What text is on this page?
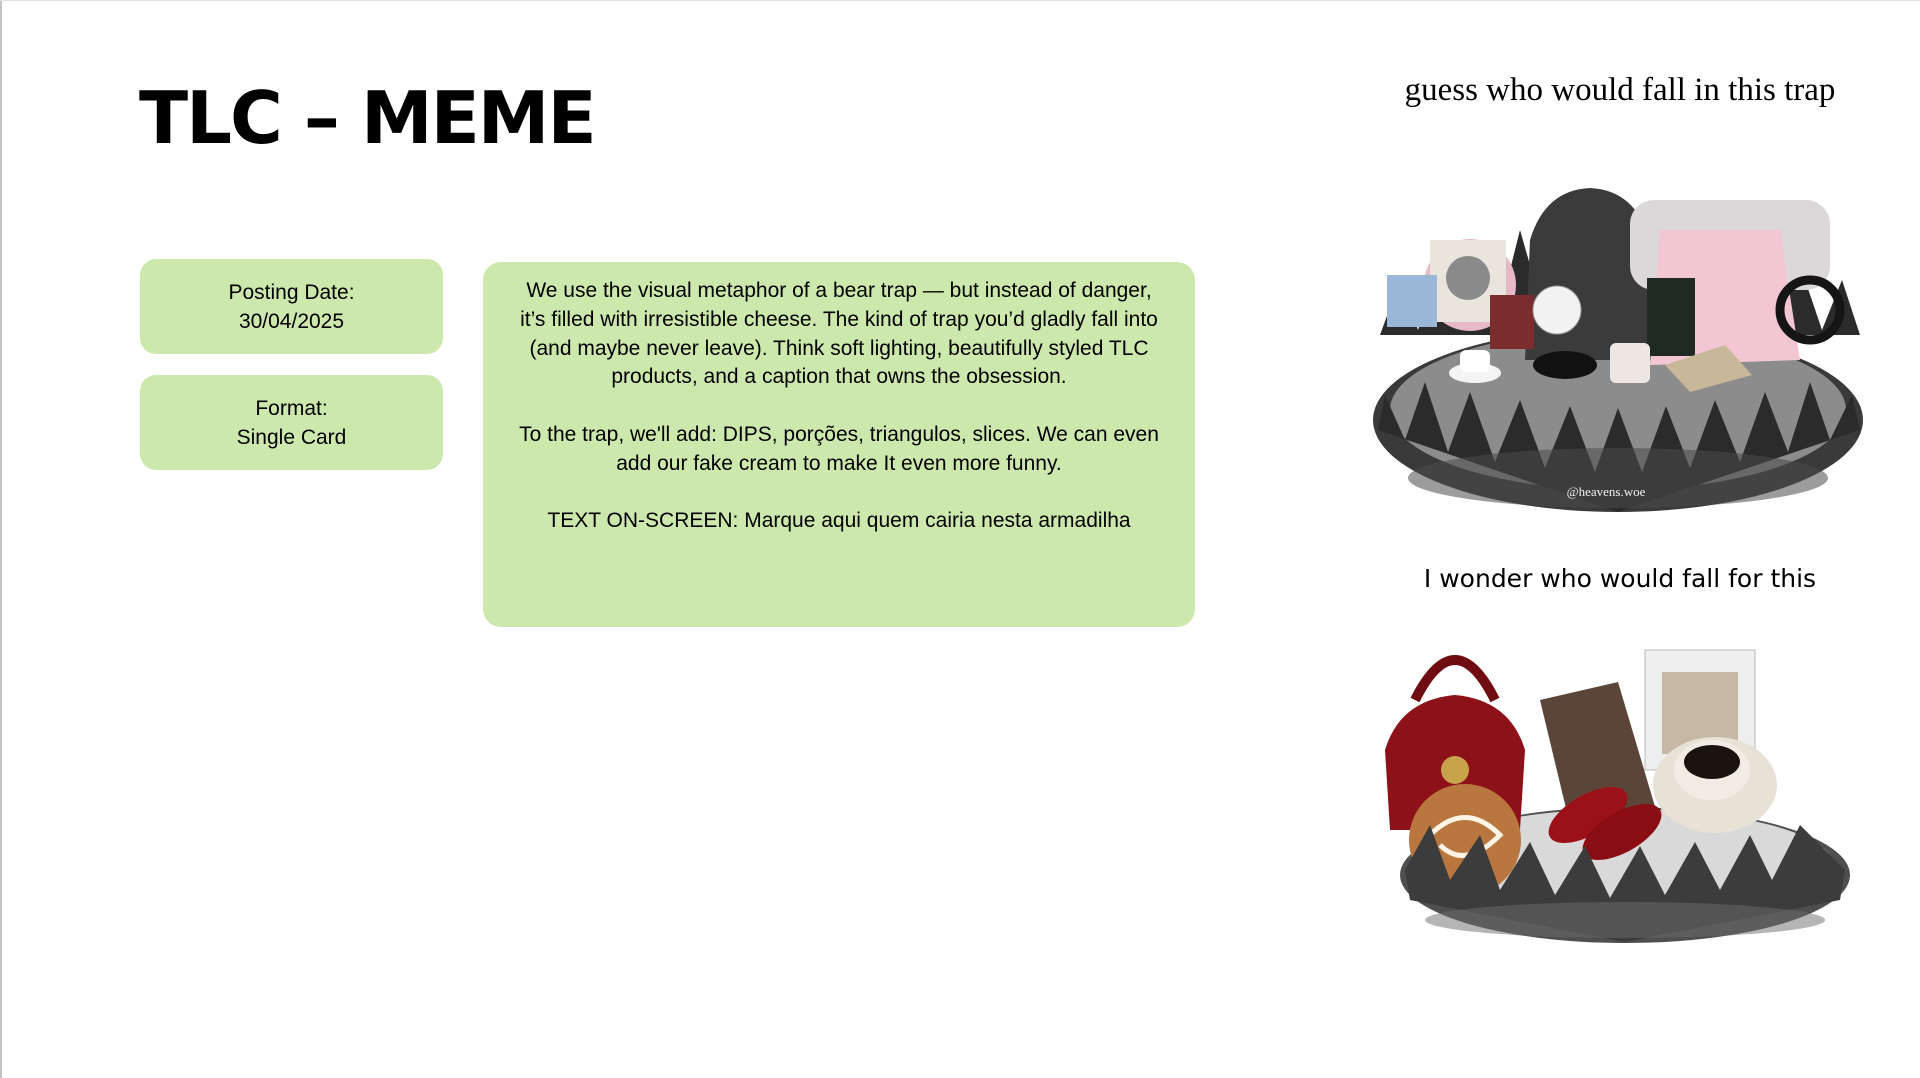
TLC – MEME
Posting Date:
30/04/2025
Format:
Single Card

We use the visual metaphor of a bear trap — but instead of danger, it’s filled with irresistible cheese. The kind of trap you’d gladly fall into (and maybe never leave). Think soft lighting, beautifully styled TLC products, and a caption that owns the obsession.

To the trap, we'll add: DIPS, porções, triangulos, slices. We can even add our fake cream to make It even more funny.

TEXT ON-SCREEN: Marque aqui quem cairia nesta armadilha

guess who would fall in this trap
@heavens.woe
I wonder who would fall for this
